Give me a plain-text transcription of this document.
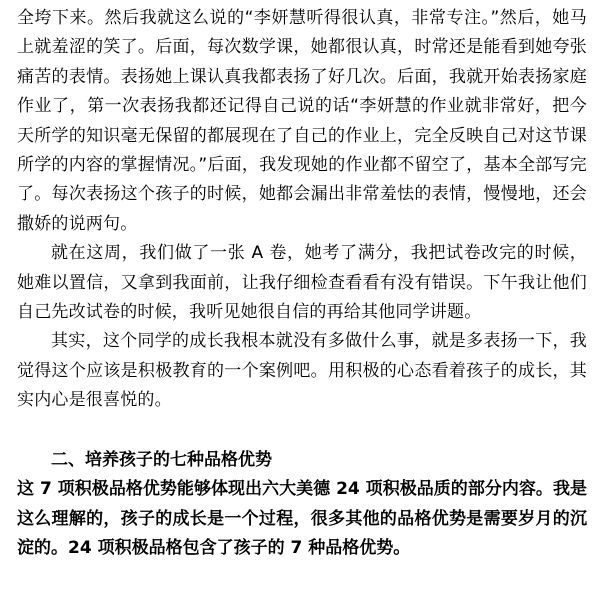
全垮下来。然后我就这么说的“李妍慧听得很认真，非常专注。”然后，她马上就羞涩的笑了。后面，每次数学课，她都很认真，时常还是能看到她夸张痛苦的表情。表扬她上课认真我都表扬了好几次。后面，我就开始表扬家庭作业了，第一次表扬我都还记得自己说的话“李妍慧的作业就非常好，把今天所学的知识毫无保留的都展现在了自己的作业上，完全反映自己对这节课所学的内容的掌握情况。”后面，我发现她的作业都不留空了，基本全部写完了。每次表扬这个孩子的时候，她都会漏出非常羞怯的表情，慢慢地，还会撒娇的说两句。

就在这周，我们做了一张 A 卷，她考了满分，我把试卷改完的时候，她难以置信，又拿到我面前，让我仔细检查看看有没有错误。下午我让他们自己先改试卷的时候，我听见她很自信的再给其他同学讲题。

其实，这个同学的成长我根本就没有多做什么事，就是多表扬一下，我觉得这个应该是积极教育的一个案例吧。用积极的心态看着孩子的成长，其实内心是很喜悦的。

二、培养孩子的七种品格优势

这 7 项积极品格优势能够体现出六大美德 24 项积极品质的部分内容。我是这么理解的，孩子的成长是一个过程，很多其他的品格优势是需要岁月的沉淀的。24 项积极品格包含了孩子的 7 种品格优势。
